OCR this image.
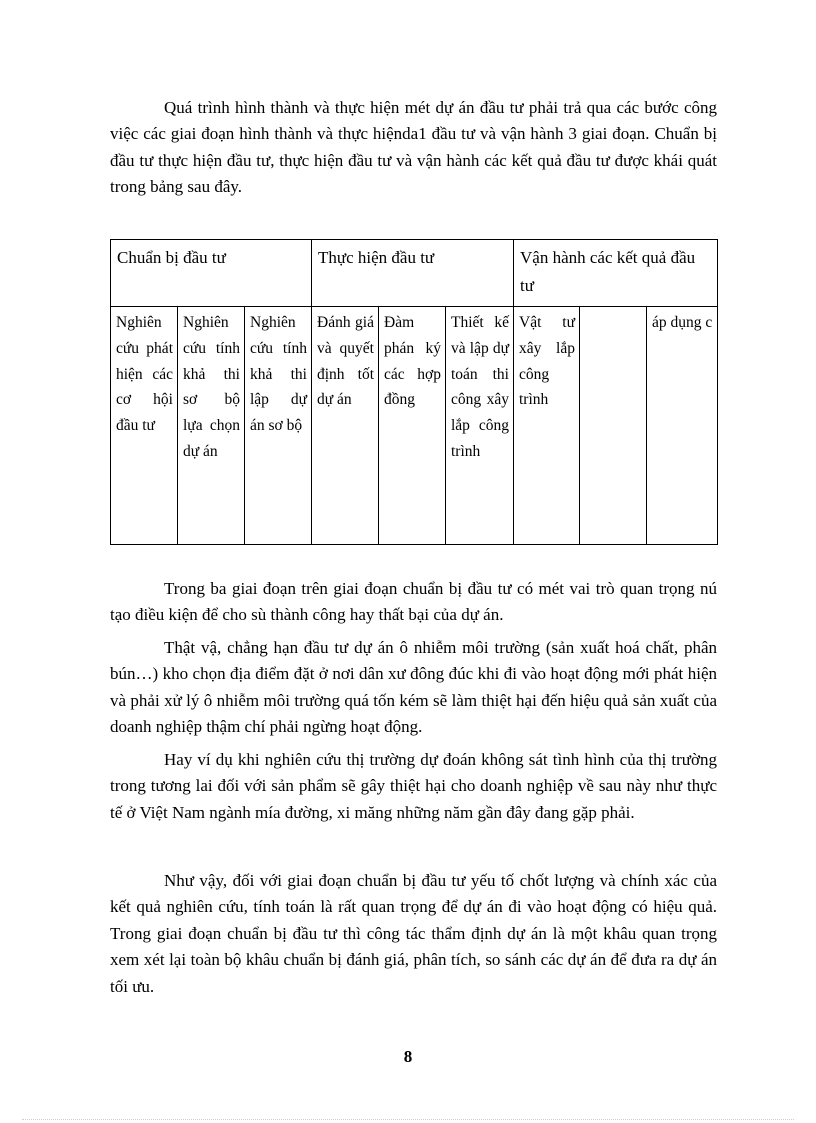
Quá trình hình thành và thực hiện mét dự án đầu tư phải trả qua các bước công việc các giai đoạn hình thành và thực hiệnda1 đầu tư và vận hành 3 giai đoạn. Chuẩn bị đầu tư thực hiện đầu tư, thực hiện đầu tư và vận hành các kết quả đầu tư được khái quát trong bảng sau đây.

Chuẩn bị đầu tư			Thực hiện đầu tư			Vận hành các kết quả đầu tư		
Nghiên cứu phát hiện các cơ hội đầu tư	Nghiên cứu tính khả thi sơ bộ lựa chọn dự án	Nghiên cứu tính khả thi lập dự án sơ bộ	Đánh giá và quyết định tốt dự án	Đàm phán ký các hợp đồng	Thiết kế và lập dự toán thi công xây lắp công trình	Vật tư xây lắp công trình		áp dụng c

Trong ba giai đoạn trên giai đoạn chuẩn bị đầu tư có mét vai trò quan trọng nú tạo điều kiện để cho sù thành công hay thất bại của dự án.

Thật vậ, chẳng hạn đầu tư dự án ô nhiễm môi trường (sản xuất hoá chất, phân bún…) kho chọn địa điểm đặt ở nơi dân xư đông đúc khi đi vào hoạt động mới phát hiện và phải xử lý ô nhiễm môi trường quá tốn kém sẽ làm thiệt hại đến hiệu quả sản xuất của doanh nghiệp thậm chí phải ngừng hoạt động.

Hay ví dụ khi nghiên cứu thị trường dự đoán không sát tình hình của thị trường trong tương lai đối với sản phẩm sẽ gây thiệt hại cho doanh nghiệp về sau này như thực tế ở Việt Nam ngành mía đường, xi măng những năm gần đây đang gặp phải.

Như vậy, đối với giai đoạn chuẩn bị đầu tư yếu tố chốt lượng và chính xác của kết quả nghiên cứu, tính toán là rất quan trọng để dự án đi vào hoạt động có hiệu quả. Trong giai đoạn chuẩn bị đầu tư thì công tác thẩm định dự án là một khâu quan trọng xem xét lại toàn bộ khâu chuẩn bị đánh giá, phân tích, so sánh các dự án để đưa ra dự án tối ưu.

8
